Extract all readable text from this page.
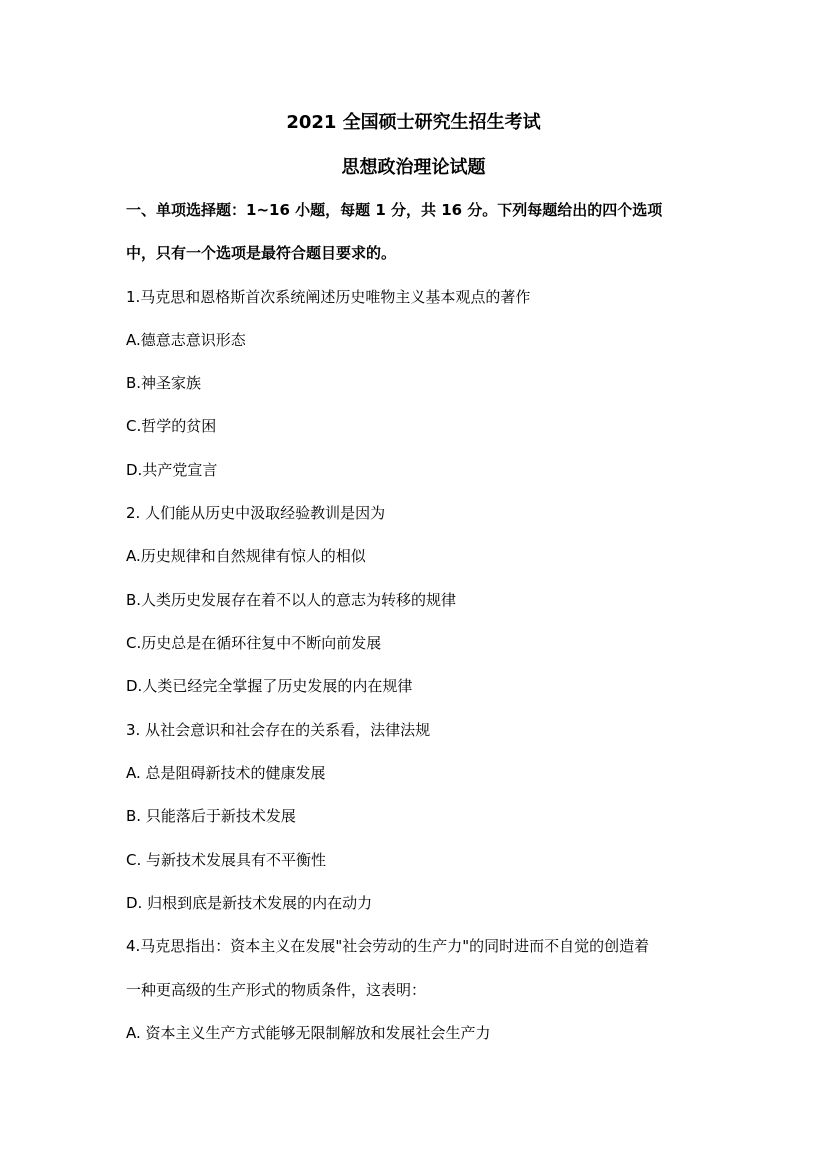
2021 全国硕士研究生招生考试
思想政治理论试题
一、单项选择题：1~16 小题，每题 1 分，共 16 分。下列每题给出的四个选项
中，只有一个选项是最符合题目要求的。
1.马克思和恩格斯首次系统阐述历史唯物主义基本观点的著作
A.德意志意识形态
B.神圣家族
C.哲学的贫困
D.共产党宣言
2. 人们能从历史中汲取经验教训是因为
A.历史规律和自然规律有惊人的相似
B.人类历史发展存在着不以人的意志为转移的规律
C.历史总是在循环往复中不断向前发展
D.人类已经完全掌握了历史发展的内在规律
3. 从社会意识和社会存在的关系看，法律法规
A. 总是阻碍新技术的健康发展
B. 只能落后于新技术发展
C. 与新技术发展具有不平衡性
D. 归根到底是新技术发展的内在动力
4.马克思指出：资本主义在发展"社会劳动的生产力"的同时进而不自觉的创造着
一种更高级的生产形式的物质条件，这表明：
A. 资本主义生产方式能够无限制解放和发展社会生产力
